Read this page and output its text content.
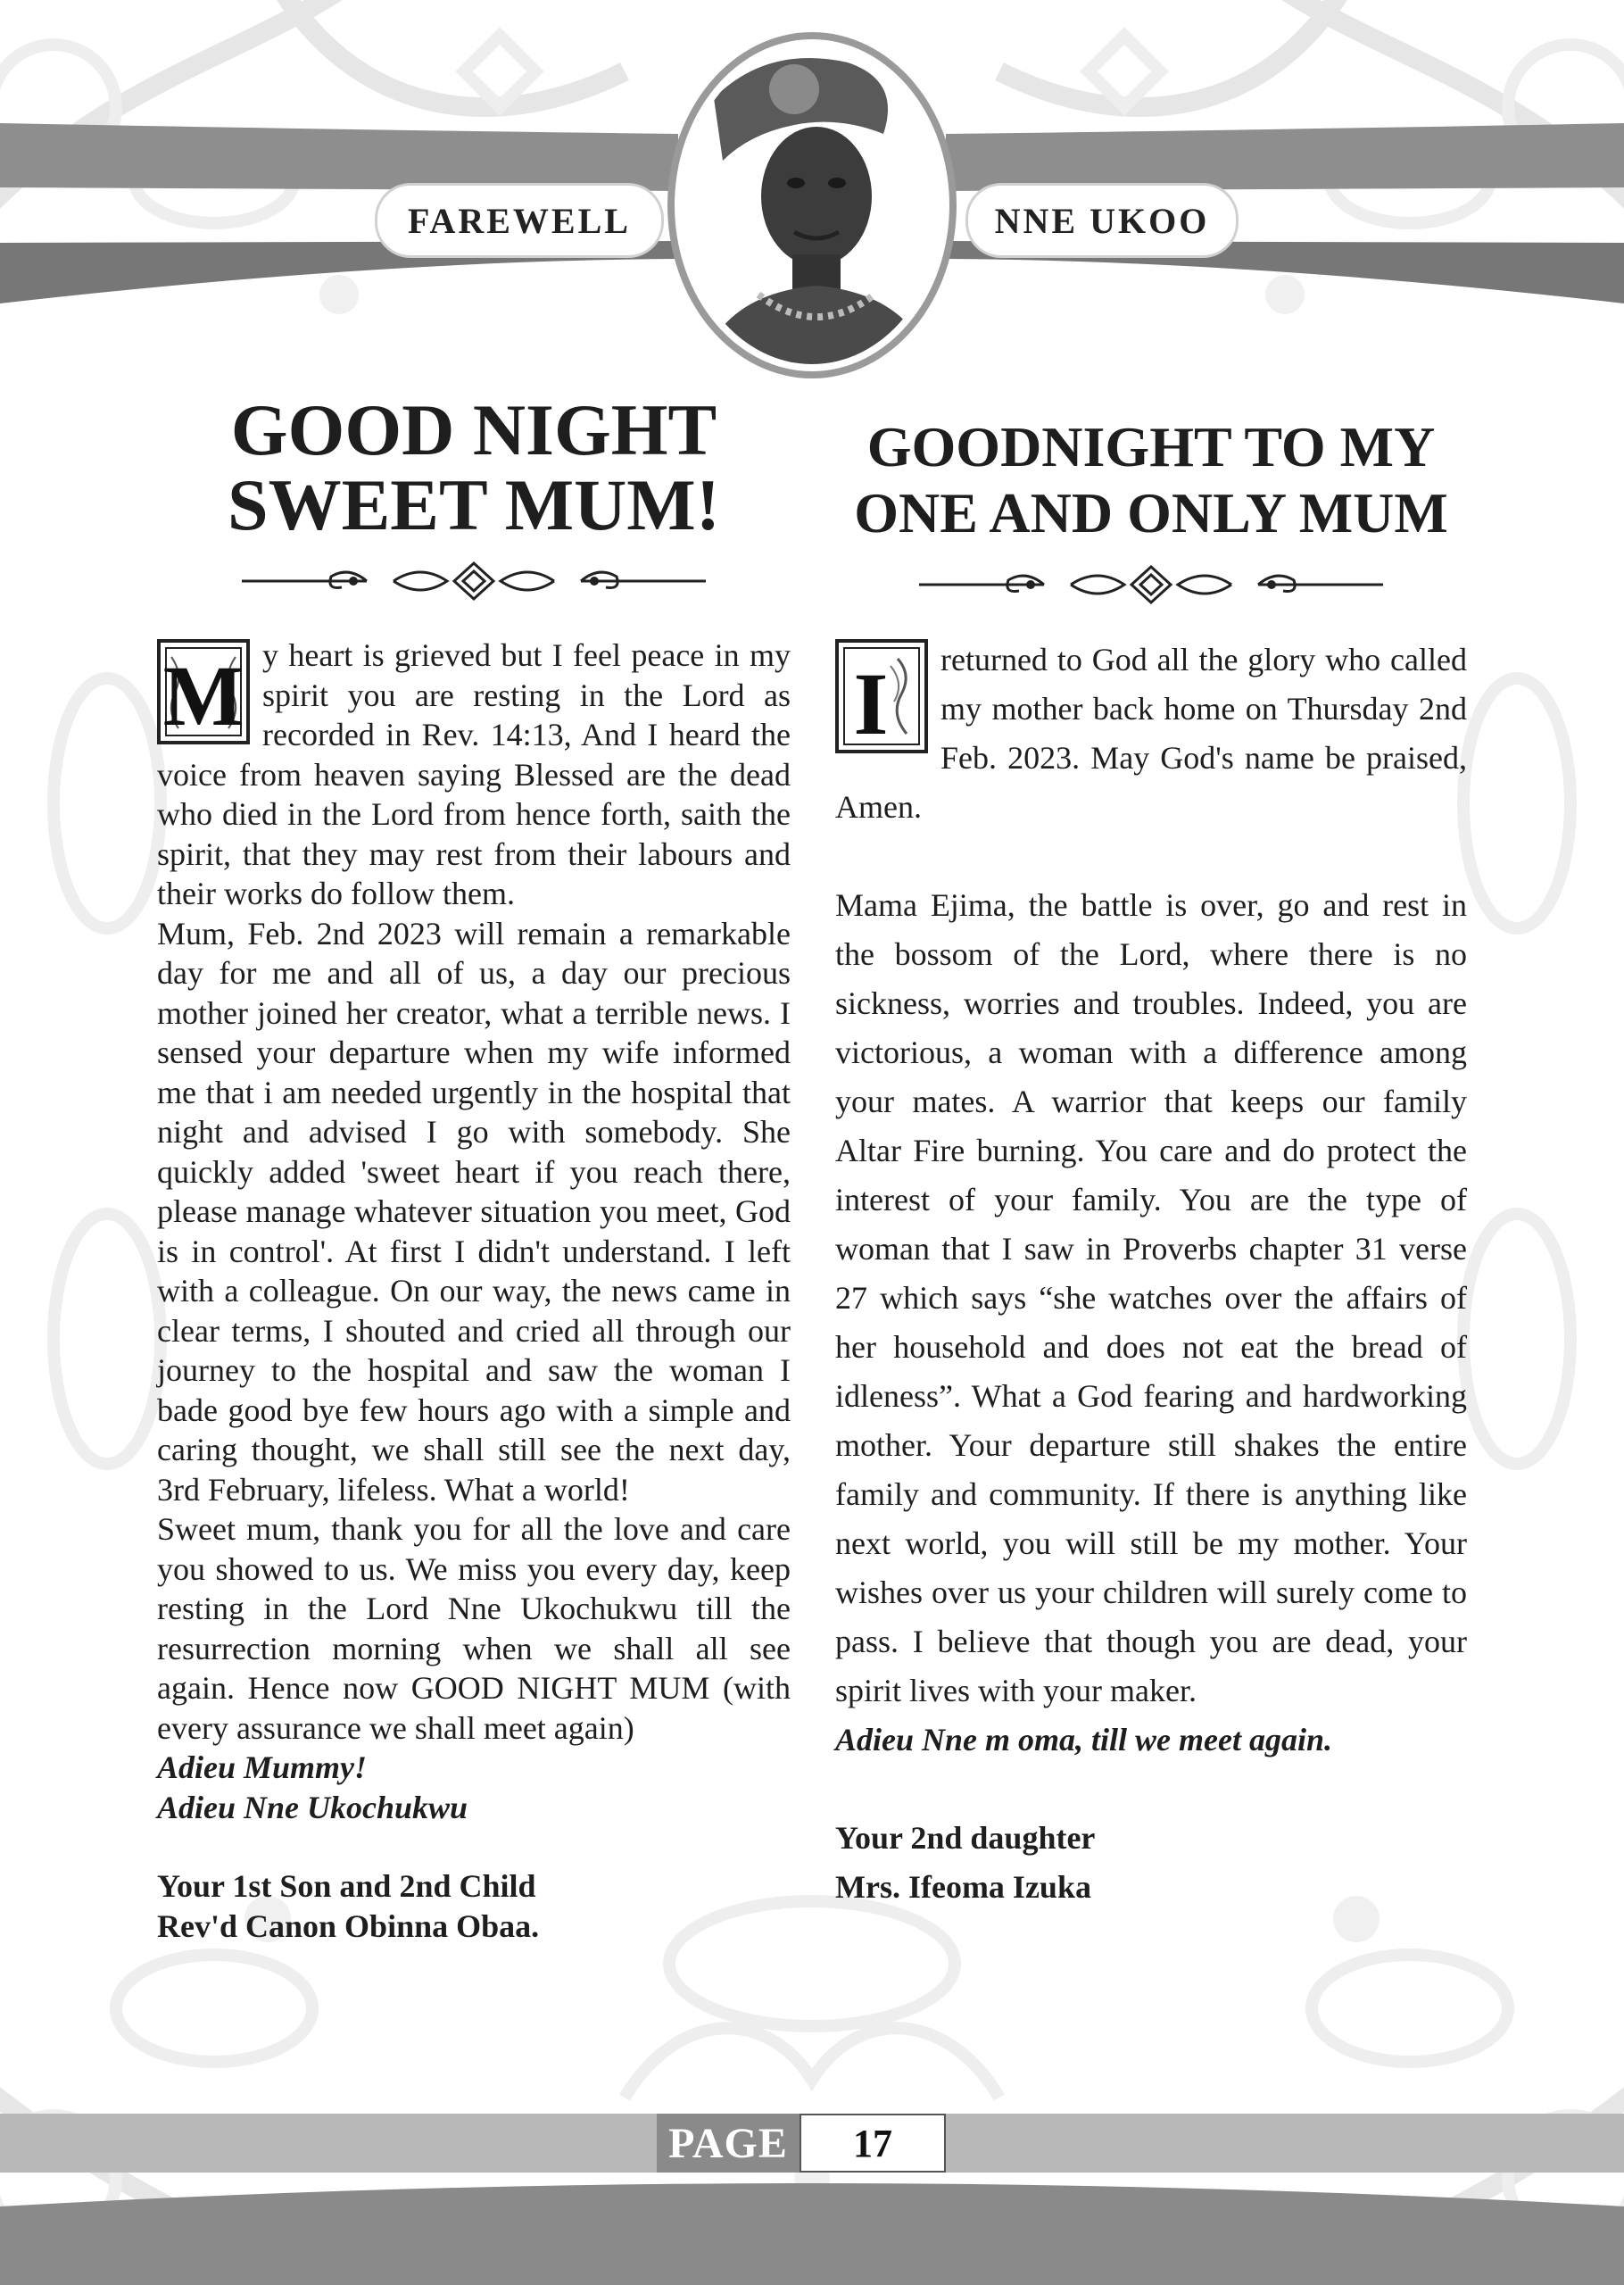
FAREWELL	NNE UKOO
GOOD NIGHT
SWEET MUM!
M y heart is grieved but I feel peace in my spirit you are resting in the Lord as recorded in Rev. 14:13, And I heard the voice from heaven saying Blessed are the dead who died in the Lord from hence forth, saith the spirit, that they may rest from their labours and their works do follow them.

Mum, Feb. 2nd 2023 will remain a remarkable day for me and all of us, a day our precious mother joined her creator, what a terrible news. I sensed your departure when my wife informed me that i am needed urgently in the hospital that night and advised I go with somebody. She quickly added 'sweet heart if you reach there, please manage whatever situation you meet, God is in control'. At first I didn't understand. I left with a colleague. On our way, the news came in clear terms, I shouted and cried all through our journey to the hospital and saw the woman I bade good bye few hours ago with a simple and caring thought, we shall still see the next day, 3rd February, lifeless. What a world!

Sweet mum, thank you for all the love and care you showed to us. We miss you every day, keep resting in the Lord Nne Ukochukwu till the resurrection morning when we shall all see again. Hence now GOOD NIGHT MUM (with every assurance we shall meet again)

Adieu Mummy!
Adieu Nne Ukochukwu
Your 1st Son and 2nd Child
Rev'd Canon Obinna Obaa.
GOODNIGHT TO MY
ONE AND ONLY MUM
I	returned to God all the glory who called my mother back home on Thursday 2nd Feb. 2023. May God's name be praised, Amen.

Mama Ejima, the battle is over, go and rest in the bossom of the Lord, where there is no sickness, worries and troubles. Indeed, you are victorious, a woman with a difference among your mates. A warrior that keeps our family Altar Fire burning. You care and do protect the interest of your family. You are the type of woman that I saw in Proverbs chapter 31 verse 27 which says “she watches over the affairs of her household and does not eat the bread of idleness”. What a God fearing and hardworking mother. Your departure still shakes the entire family and community. If there is anything like next world, you will still be my mother. Your wishes over us your children will surely come to pass. I believe that though you are dead, your spirit lives with your maker.

Adieu Nne m oma, till we meet again.
Your 2nd daughter
Mrs. Ifeoma Izuka
PAGE	17
